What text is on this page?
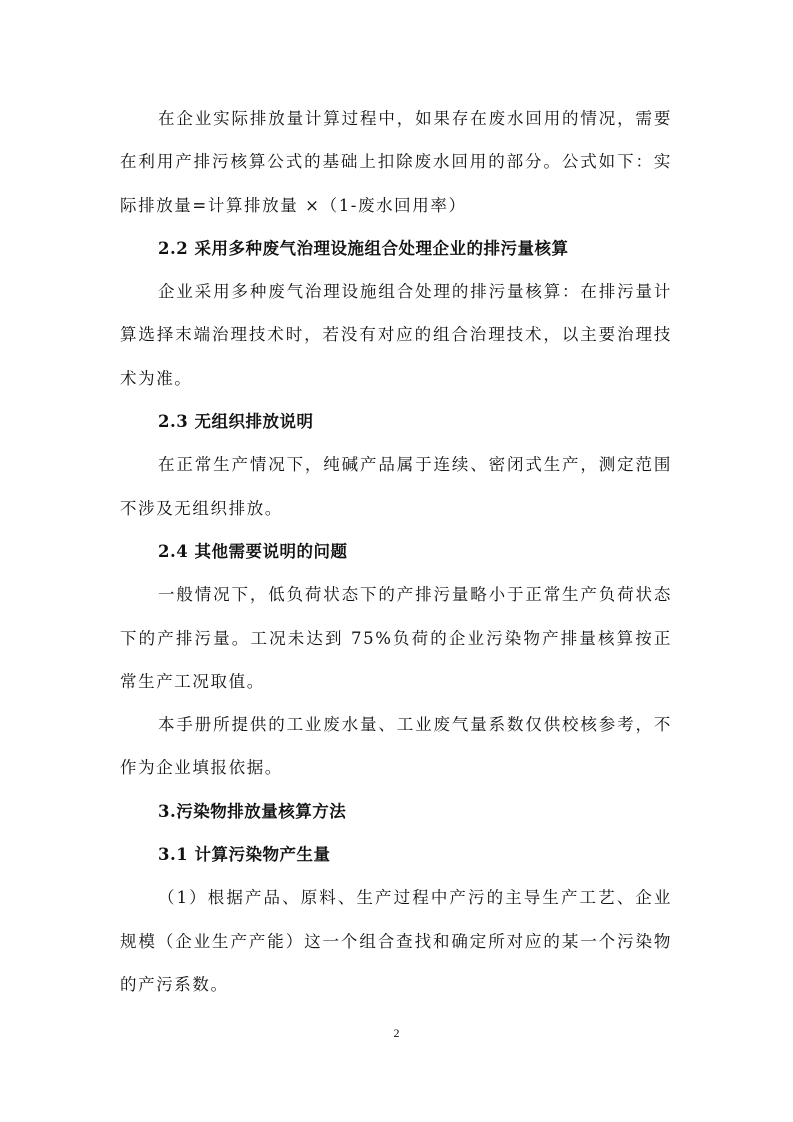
在企业实际排放量计算过程中，如果存在废水回用的情况，需要在利用产排污核算公式的基础上扣除废水回用的部分。公式如下：实际排放量=计算排放量 ×（1-废水回用率）

2.2 采用多种废气治理设施组合处理企业的排污量核算

企业采用多种废气治理设施组合处理的排污量核算：在排污量计算选择末端治理技术时，若没有对应的组合治理技术，以主要治理技术为准。

2.3 无组织排放说明

在正常生产情况下，纯碱产品属于连续、密闭式生产，测定范围不涉及无组织排放。

2.4 其他需要说明的问题

一般情况下，低负荷状态下的产排污量略小于正常生产负荷状态下的产排污量。工况未达到 75%负荷的企业污染物产排量核算按正常生产工况取值。

本手册所提供的工业废水量、工业废气量系数仅供校核参考，不作为企业填报依据。

3.污染物排放量核算方法

3.1 计算污染物产生量

（1）根据产品、原料、生产过程中产污的主导生产工艺、企业规模（企业生产产能）这一个组合查找和确定所对应的某一个污染物的产污系数。

2
